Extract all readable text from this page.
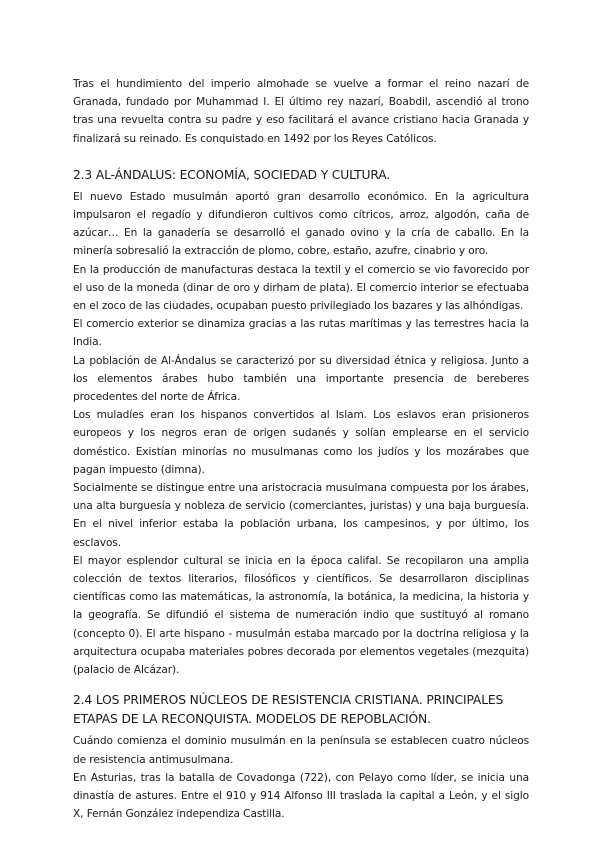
Tras el hundimiento del imperio almohade se vuelve a formar el reino nazarí de Granada, fundado por Muhammad I. El último rey nazarí, Boabdil, ascendió al trono tras una revuelta contra su padre y eso facilitará el avance cristiano hacia Granada y finalizará su reinado. Es conquistado en 1492 por los Reyes Católicos.

2.3 AL-ÁNDALUS: ECONOMÍA, SOCIEDAD Y CULTURA.

El nuevo Estado musulmán aportó gran desarrollo económico. En la agricultura impulsaron el regadío y difundieron cultivos como cítricos, arroz, algodón, caña de azúcar… En la ganadería se desarrolló el ganado ovino y la cría de caballo. En la minería sobresalió la extracción de plomo, cobre, estaño, azufre, cinabrio y oro.

En la producción de manufacturas destaca la textil y el comercio se vio favorecido por el uso de la moneda (dinar de oro y dirham de plata). El comercio interior se efectuaba en el zoco de las ciudades, ocupaban puesto privilegiado los bazares y las alhóndigas.

El comercio exterior se dinamiza gracias a las rutas marítimas y las terrestres hacia la India.

La población de Al-Ándalus se caracterizó por su diversidad étnica y religiosa. Junto a los elementos árabes hubo también una importante presencia de bereberes procedentes del norte de África.

Los muladíes eran los hispanos convertidos al Islam. Los eslavos eran prisioneros europeos y los negros eran de origen sudanés y solían emplearse en el servicio doméstico. Existían minorías no musulmanas como los judíos y los mozárabes que pagan impuesto (dimna).

Socialmente se distingue entre una aristocracia musulmana compuesta por los árabes, una alta burguesía y nobleza de servicio (comerciantes, juristas) y una baja burguesía. En el nivel inferior estaba la población urbana, los campesinos, y por último, los esclavos.

El mayor esplendor cultural se inicia en la época califal. Se recopilaron una amplia colección de textos literarios, filosóficos y científicos. Se desarrollaron disciplinas científicas como las matemáticas, la astronomía, la botánica, la medicina, la historia y la geografía. Se difundió el sistema de numeración indio que sustituyó al romano (concepto 0). El arte hispano - musulmán estaba marcado por la doctrina religiosa y la arquitectura ocupaba materiales pobres decorada por elementos vegetales (mezquita) (palacio de Alcázar).

2.4 LOS PRIMEROS NÚCLEOS DE RESISTENCIA CRISTIANA. PRINCIPALES ETAPAS DE LA RECONQUISTA. MODELOS DE REPOBLACIÓN.

Cuándo comienza el dominio musulmán en la península se establecen cuatro núcleos de resistencia antimusulmana.

En Asturias, tras la batalla de Covadonga (722), con Pelayo como líder, se inicia una dinastía de astures. Entre el 910 y 914 Alfonso III traslada la capital a León, y el siglo X, Fernán González independiza Castilla.
